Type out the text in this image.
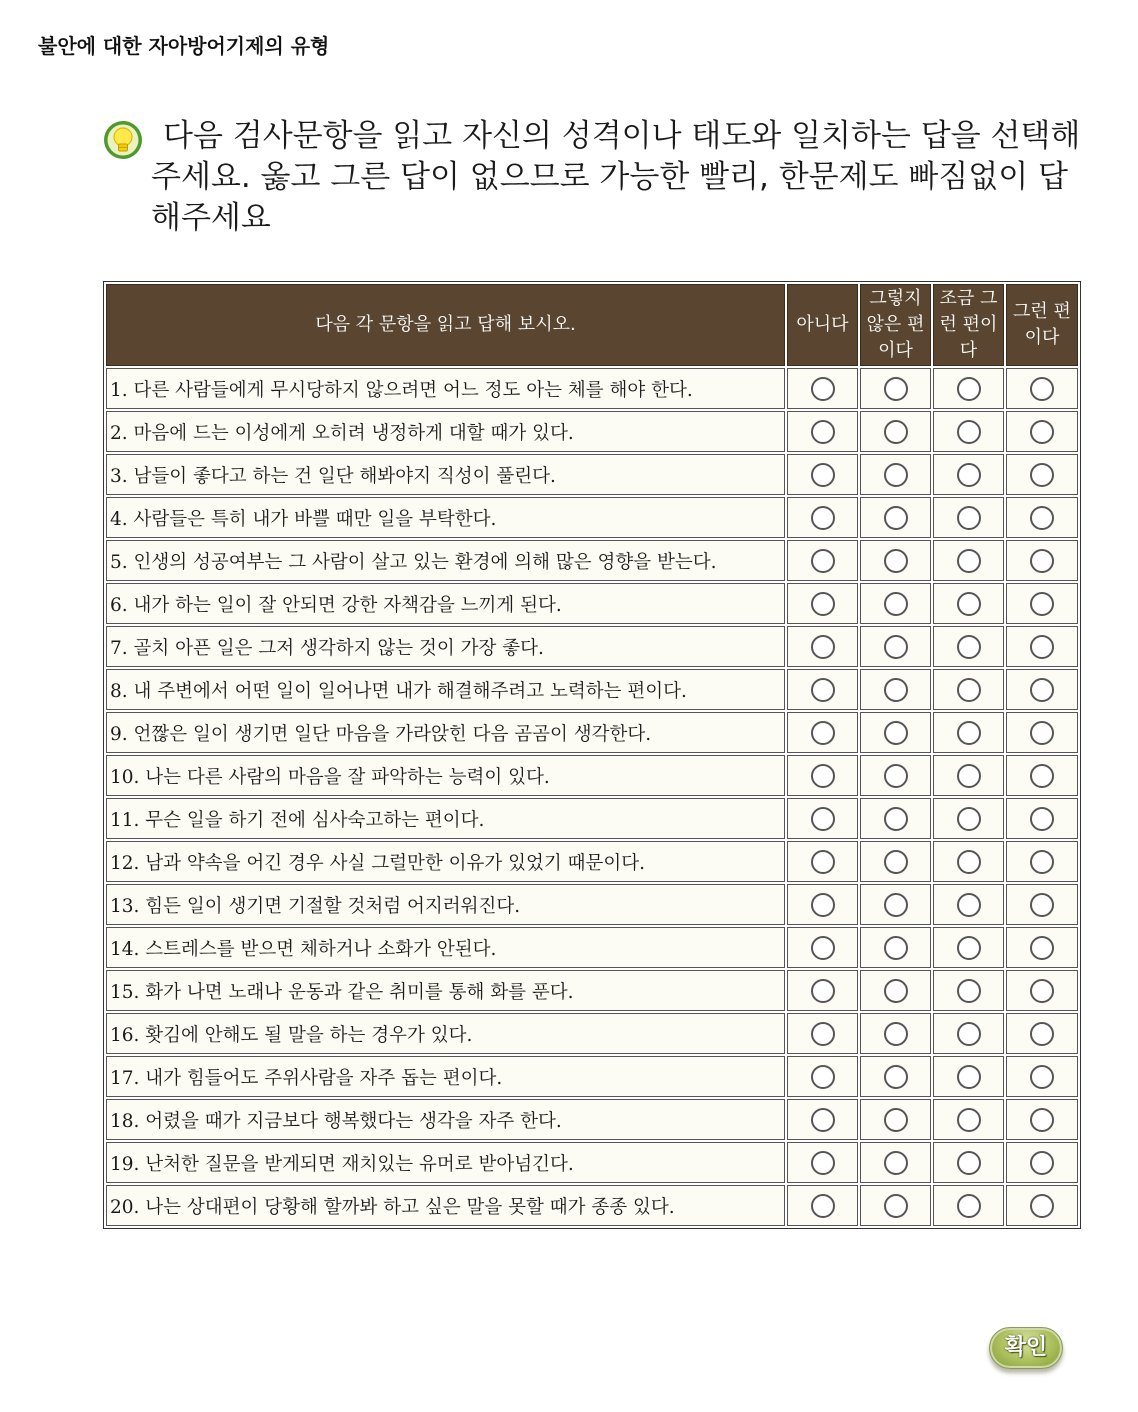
불안에 대한 자아방어기제의 유형
다음 검사문항을 읽고 자신의 성격이나 태도와 일치하는 답을 선택해 주세요. 옳고 그른 답이 없으므로 가능한 빨리, 한문제도 빠짐없이 답해주세요
다음 각 문항을 읽고 답해 보시오.	아니다	그렇지 않은 편이다	조금 그런 편이다	그런 편이다
1. 다른 사람들에게 무시당하지 않으려면 어느 정도 아는 체를 해야 한다.				
2. 마음에 드는 이성에게 오히려 냉정하게 대할 때가 있다.				
3. 남들이 좋다고 하는 건 일단 해봐야지 직성이 풀린다.				
4. 사람들은 특히 내가 바쁠 때만 일을 부탁한다.				
5. 인생의 성공여부는 그 사람이 살고 있는 환경에 의해 많은 영향을 받는다.				
6. 내가 하는 일이 잘 안되면 강한 자책감을 느끼게 된다.				
7. 골치 아픈 일은 그저 생각하지 않는 것이 가장 좋다.				
8. 내 주변에서 어떤 일이 일어나면 내가 해결해주려고 노력하는 편이다.				
9. 언짢은 일이 생기면 일단 마음을 가라앉힌 다음 곰곰이 생각한다.				
10. 나는 다른 사람의 마음을 잘 파악하는 능력이 있다.				
11. 무슨 일을 하기 전에 심사숙고하는 편이다.				
12. 남과 약속을 어긴 경우 사실 그럴만한 이유가 있었기 때문이다.				
13. 힘든 일이 생기면 기절할 것처럼 어지러워진다.				
14. 스트레스를 받으면 체하거나 소화가 안된다.				
15. 화가 나면 노래나 운동과 같은 취미를 통해 화를 푼다.				
16. 홧김에 안해도 될 말을 하는 경우가 있다.				
17. 내가 힘들어도 주위사람을 자주 돕는 편이다.				
18. 어렸을 때가 지금보다 행복했다는 생각을 자주 한다.				
19. 난처한 질문을 받게되면 재치있는 유머로 받아넘긴다.				
20. 나는 상대편이 당황해 할까봐 하고 싶은 말을 못할 때가 종종 있다.				
확인
